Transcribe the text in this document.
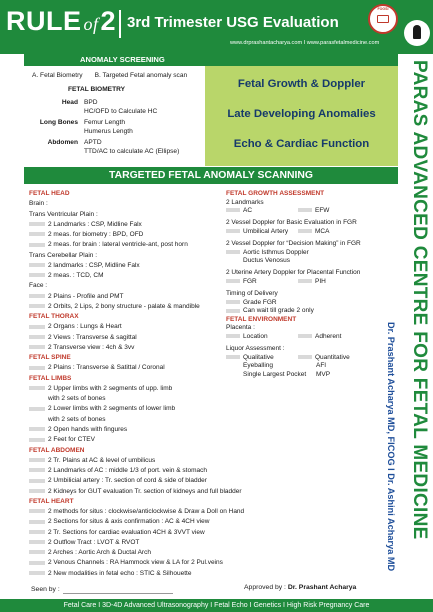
RULE of2 3rd Trimester USG Evaluation
www.drprashantacharya.com I www.parasfetalmedicine.com
FOGSI
PARAS ADVANCED CENTRE FOR FETAL MEDICINE
Dr. Prashant Acharya MD, FICOG I Dr. Ashini Acharya MD
ANOMALY SCREENING
A. Fetal Biometry B. Targeted Fetal anomaly scan
FETAL BIOMETRY
Head BPD
HC/OFD to Calculate HC
Long Bones Femur Length
Humerus Length
Abdomen APTD
TTD/AC to calculate AC (Ellipse)
Fetal Growth & Doppler
Late Developing Anomalies
Echo & Cardiac Function
TARGETED FETAL ANOMALY SCANNING
FETAL HEAD
Brain :
Trans Ventricular Plain :
2 Landmarks : CSP, Midline Falx
2 meas. for biometry : BPD, OFD
2 meas. for brain : lateral ventricle-ant, post horn
Trans Cerebellar Plain :
2 landmarks : CSP, Midline Falx
2 meas. : TCD, CM
Face :
2 Plains - Profile and PMT
2 Orbits, 2 Lips, 2 bony structure - palate & mandible
FETAL THORAX
2 Organs : Lungs & Heart
2 Views : Transverse & sagittal
2 Transverse view : 4ch & 3vv
FETAL SPINE
2 Plains : Transverse & Satittal / Coronal
FETAL LIMBS
2 Upper limbs with 2 segments of upp. limb
with 2 sets of bones
2 Lower limbs with 2 segments of lower limb
with 2 sets of bones
2 Open hands with fingures
2 Feet for CTEV
FETAL ABDOMEN
2 Tr. Plains at AC & level of umbilicus
2 Landmarks of AC : middle 1/3 of port. vein & stomach
2 Umbilicial artery : Tr. section of cord & side of bladder
2 Kidneys for GUT evaluation Tr. section of kidneys and full bladder
FETAL HEART
2 methods for situs : clockwise/anticlockwise & Draw a Doll on Hand
2 Sections for situs & axis confirmation : AC & 4CH view
2 Tr. Sections for cardiac evaluation 4CH & 3VVT view
2 Outflow Tract : LVOT & RVOT
2 Arches : Aortic Arch & Ductal Arch
2 Venous Channels : RA Hammock view & LA for 2 Pul.veins
2 New modalities in fetal echo : STIC & Silhouette
FETAL GROWTH ASSESSMENT
2 Landmarks
AC	EFW
2 Vessel Doppler for Basic Evaluation in FGR
Umbilical Artery	MCA
2 Vessel Doppler for “Decision Making” in FGR
Aortic Isthmus Doppler
Ductus Venosus
2 Uterine Artery Doppler for Placental Function
FGR	PIH
Timing of Delivery
Grade FGR
Can wait till grade 2 only
FETAL ENVIRONMENT
Placenta :
Location	Adherent
Liquor Assessment :
Qualitative	Quantitative
Eyeballing	AFI
Single Largest Pocket MVP
Seen by :	Approved by : Dr. Prashant Acharya
Fetal Care I 3D-4D Advanced Ultrasonography I Fetal Echo I Genetics I High Risk Pregnancy Care
